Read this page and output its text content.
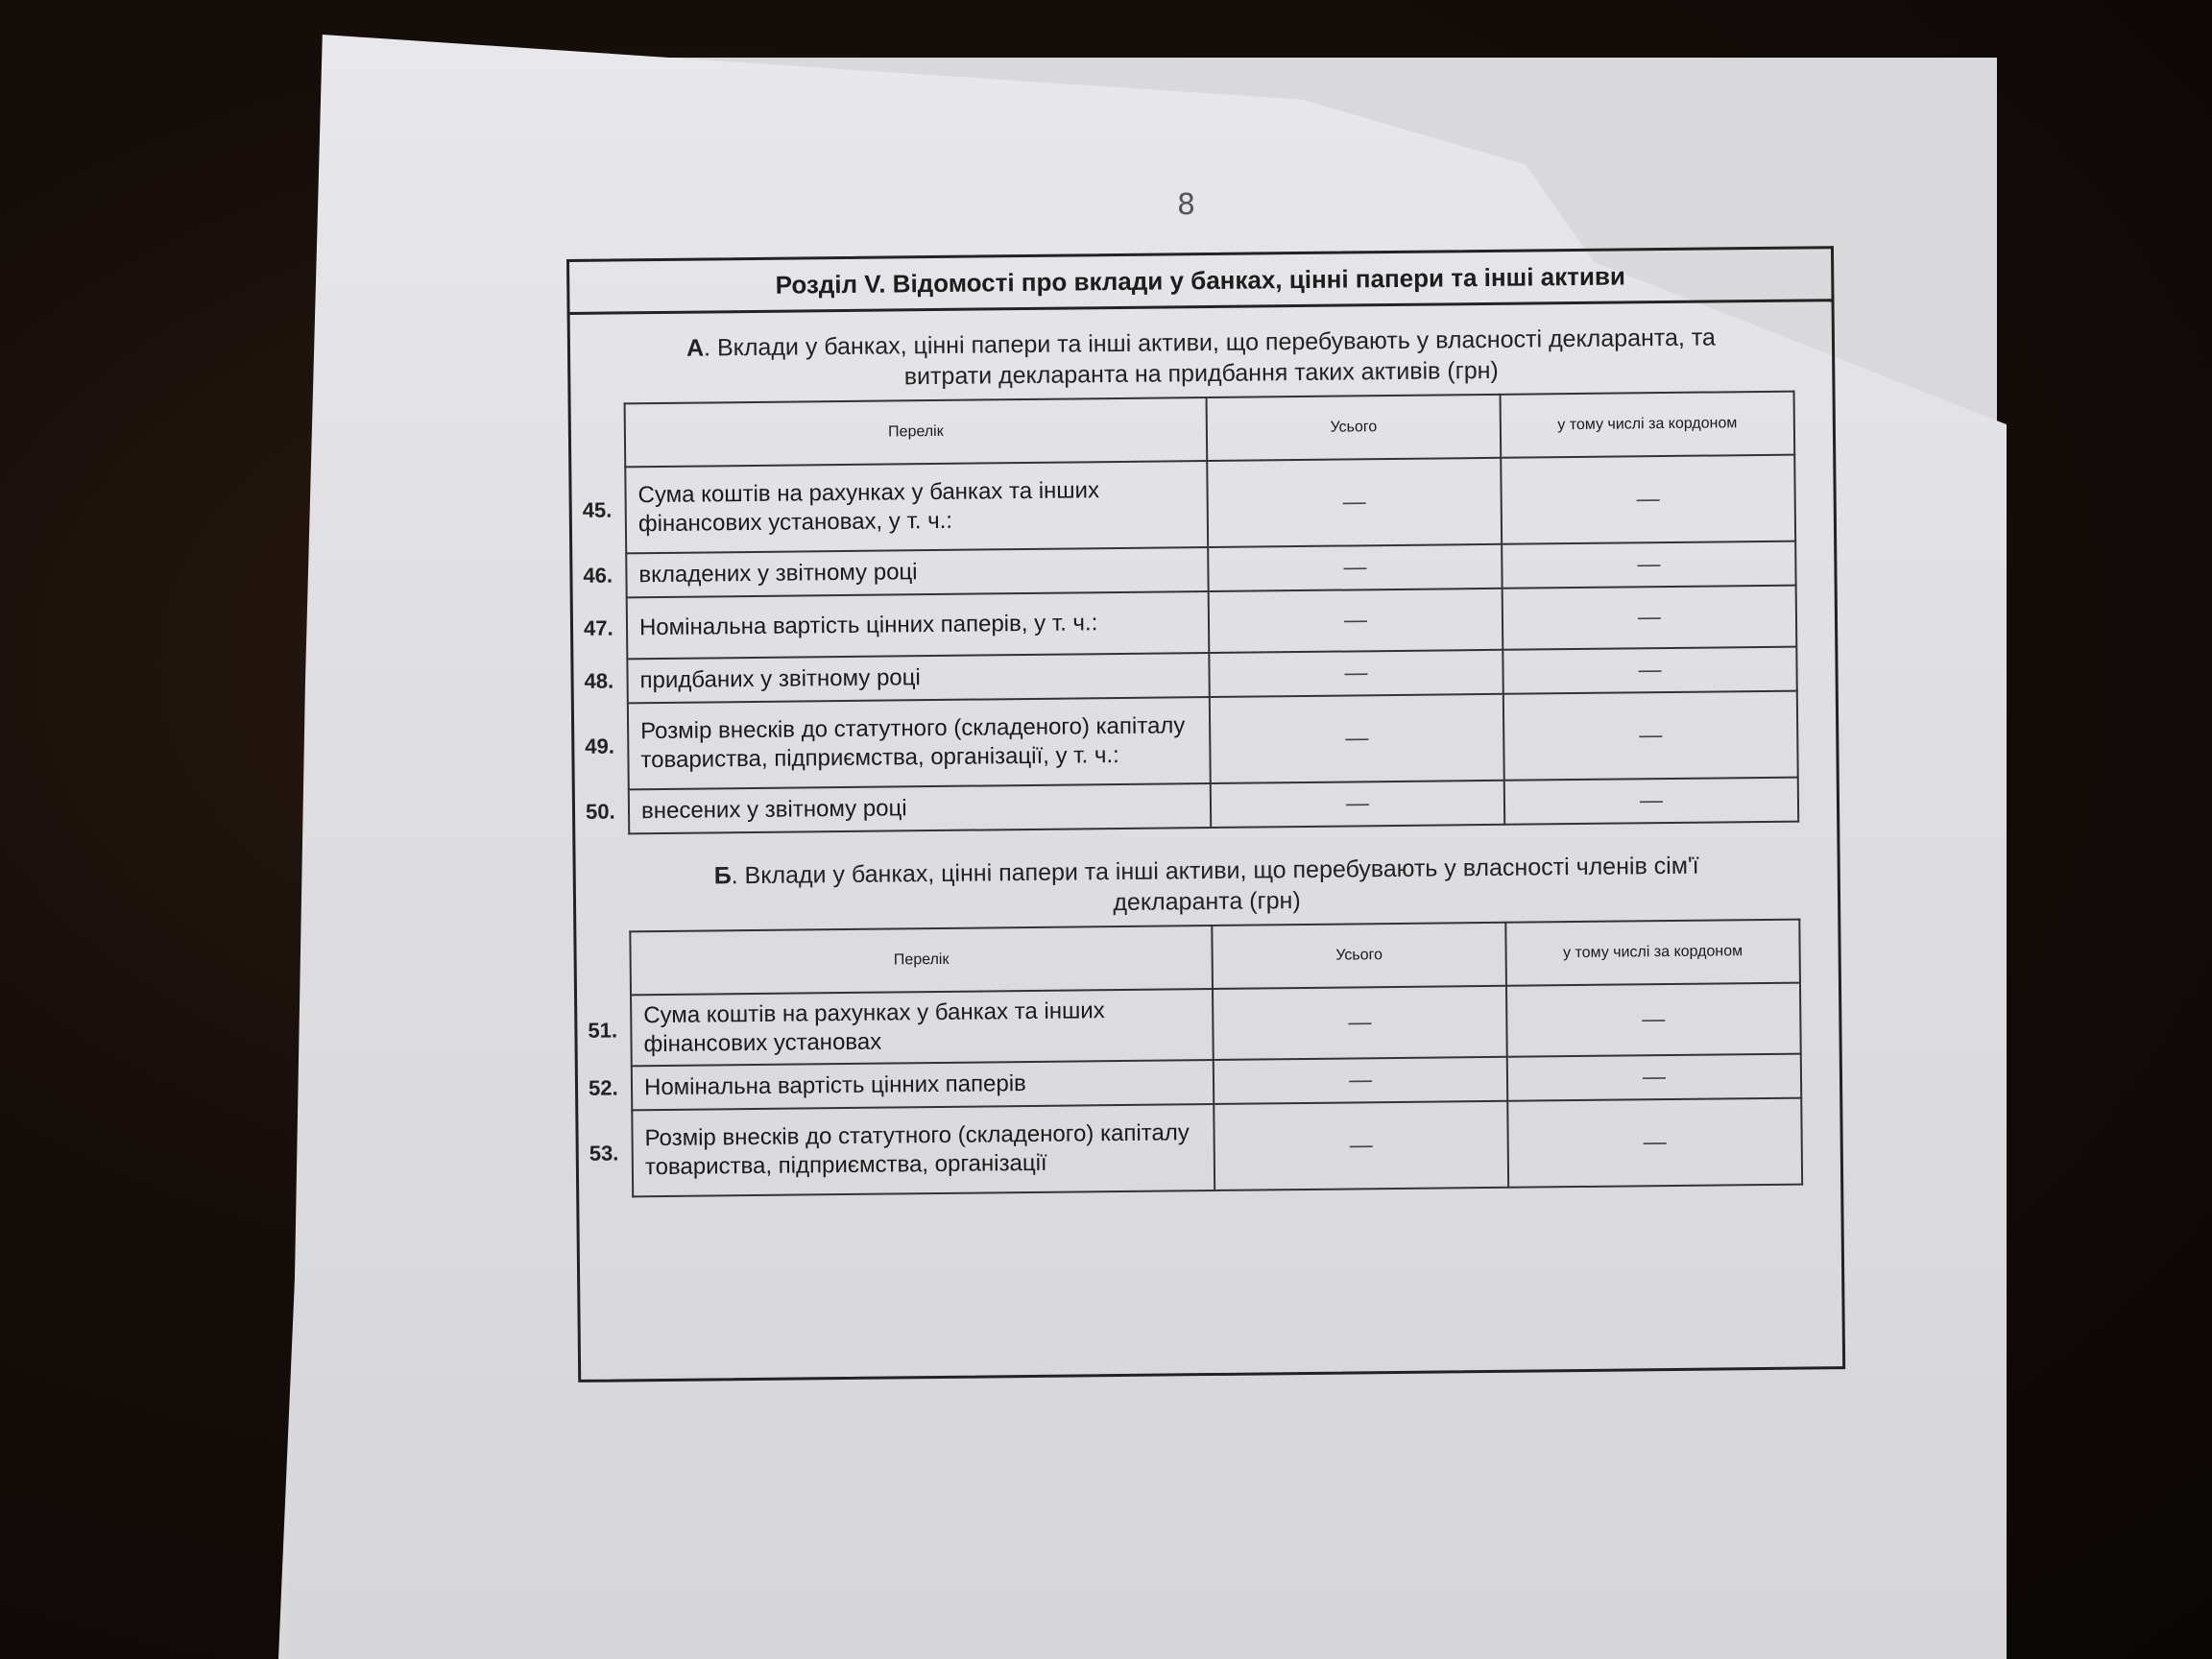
8
Розділ V. Відомості про вклади у банках, цінні папери та інші активи
А. Вклади у банках, цінні папери та інші активи, що перебувають у власності декларанта, та витрати декларанта на придбання таких активів (грн)
Перелік	Усього	у тому числі за кордоном

45.
Сума коштів на рахунках у банках та інших фінансових установах, у т. ч.:	—	—

46. вкладених у звітному році	—	—

47. Номінальна вартість цінних паперів, у т. ч.:	—	—

48. придбаних у звітному році	—	—

49.
Розмір внесків до статутного (складеного) капіталу товариства, підприємства, організації, у т. ч.:	—	—

50. внесених у звітному році	—	—
Б. Вклади у банках, цінні папери та інші активи, що перебувають у власності членів сім'ї декларанта (грн)
Перелік	Усього	у тому числі за кордоном

51.
Сума коштів на рахунках у банках та інших фінансових установах	—	—

52. Номінальна вартість цінних паперів	—	—

53.
Розмір внесків до статутного (складеного) капіталу товариства, підприємства, організації	—	—
